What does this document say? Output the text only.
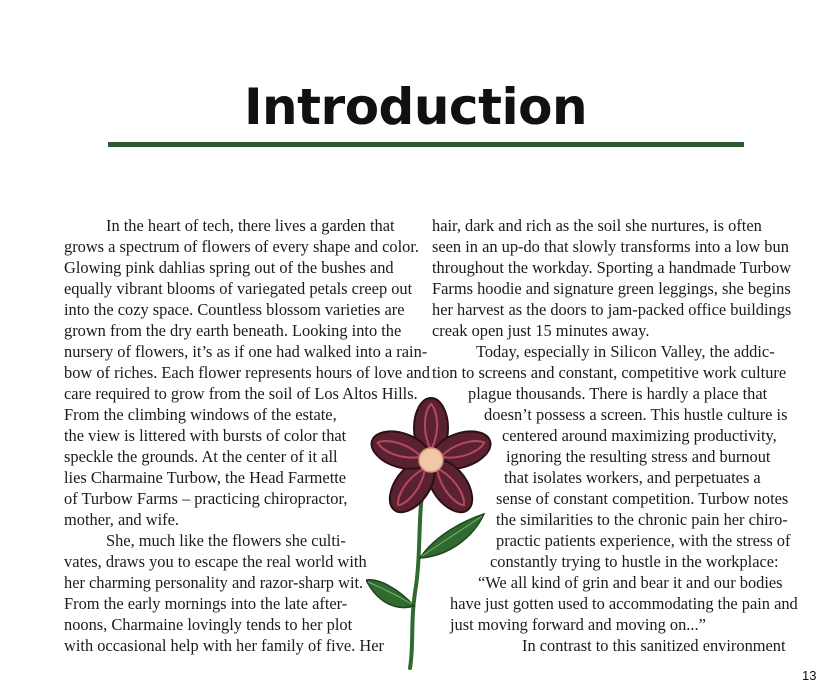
Introduction
In the heart of tech, there lives a garden that
grows a spectrum of flowers of every shape and color.
Glowing pink dahlias spring out of the bushes and
equally vibrant blooms of variegated petals creep out
into the cozy space. Countless blossom varieties are
grown from the dry earth beneath. Looking into the
nursery of flowers, it’s as if one had walked into a rain-
bow of riches. Each flower represents hours of love and
care required to grow from the soil of Los Altos Hills.
From the climbing windows of the estate,
the view is littered with bursts of color that
speckle the grounds. At the center of it all
lies Charmaine Turbow, the Head Farmette
of Turbow Farms – practicing chiropractor,
mother, and wife.
She, much like the flowers she culti-
vates, draws you to escape the real world with
her charming personality and razor-sharp wit.
From the early mornings into the late after-
noons, Charmaine lovingly tends to her plot
with occasional help with her family of five. Her
hair, dark and rich as the soil she nurtures, is often
seen in an up-do that slowly transforms into a low bun
throughout the workday. Sporting a handmade Turbow
Farms hoodie and signature green leggings, she begins
her harvest as the doors to jam-packed office buildings
creak open just 15 minutes away.
Today, especially in Silicon Valley, the addic-
tion to screens and constant, competitive work culture
plague thousands. There is hardly a place that
doesn’t possess a screen. This hustle culture is
centered around maximizing productivity,
ignoring the resulting stress and burnout
that isolates workers, and perpetuates a
sense of constant competition. Turbow notes
the similarities to the chronic pain her chiro-
practic patients experience, with the stress of
constantly trying to hustle in the workplace:
“We all kind of grin and bear it and our bodies
have just gotten used to accommodating the pain and
just moving forward and moving on...”
In contrast to this sanitized environment
13
